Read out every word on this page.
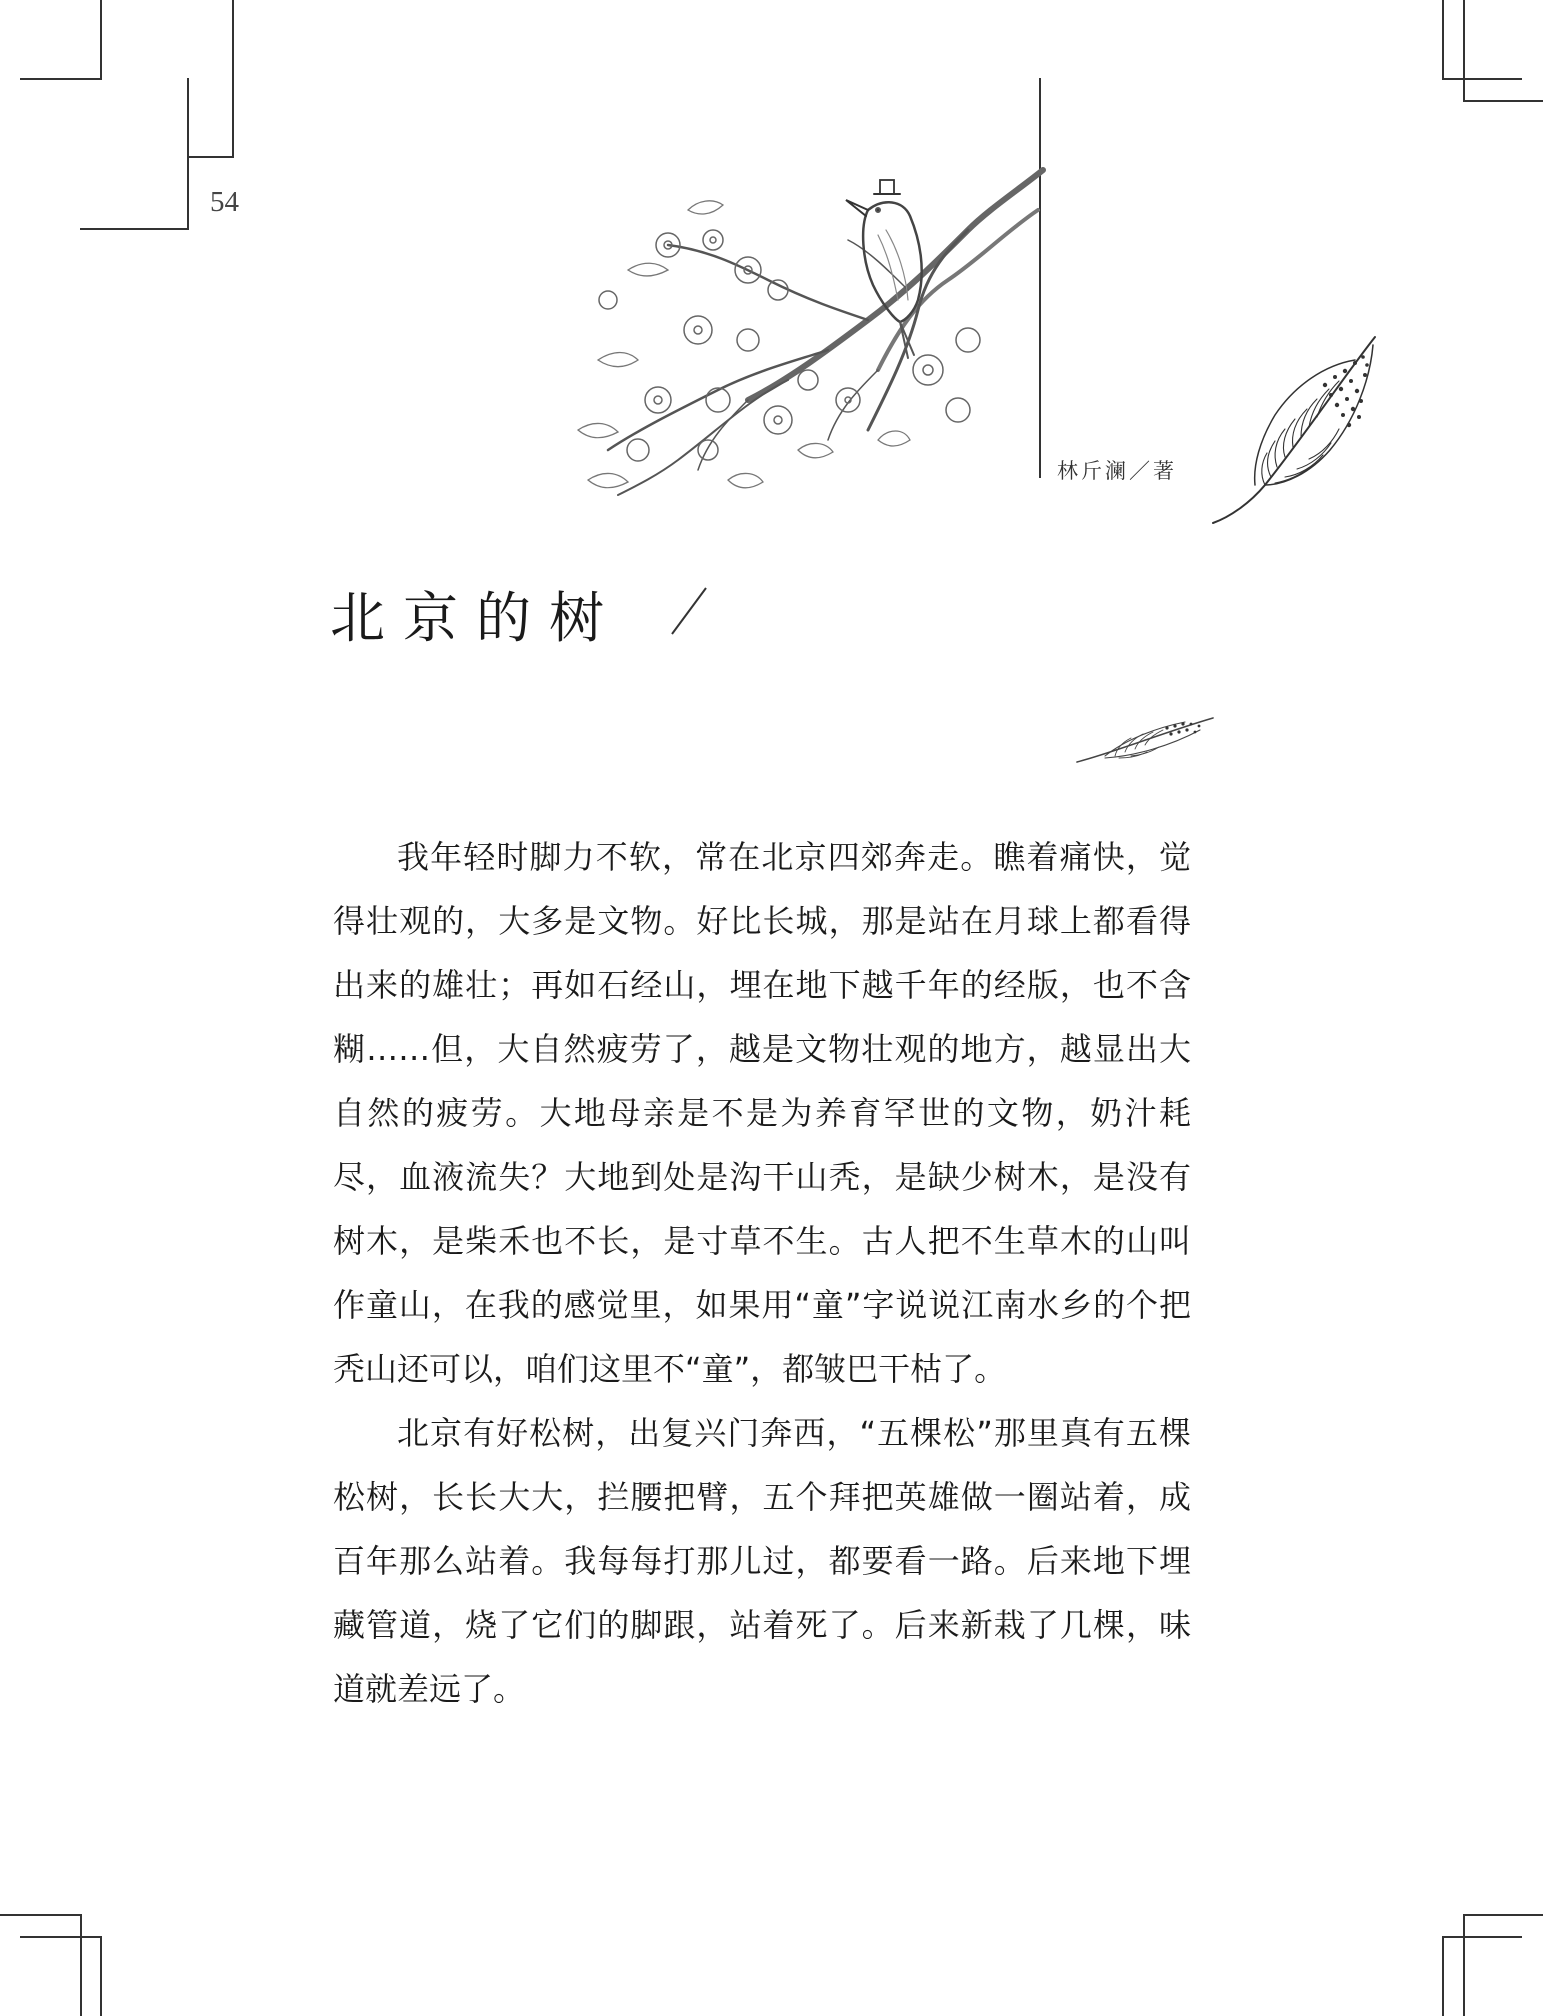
54
林斤澜／著
北京的树

我年轻时脚力不软，常在北京四郊奔走。瞧着痛快，觉得壮观的，大多是文物。好比长城，那是站在月球上都看得出来的雄壮；再如石经山，埋在地下越千年的经版，也不含糊……但，大自然疲劳了，越是文物壮观的地方，越显出大自然的疲劳。大地母亲是不是为养育罕世的文物，奶汁耗尽，血液流失？大地到处是沟干山秃，是缺少树木，是没有树木，是柴禾也不长，是寸草不生。古人把不生草木的山叫作童山，在我的感觉里，如果用“童”字说说江南水乡的个把秃山还可以，咱们这里不“童”，都皱巴干枯了。

北京有好松树，出复兴门奔西，“五棵松”那里真有五棵松树，长长大大，拦腰把臂，五个拜把英雄做一圈站着，成百年那么站着。我每每打那儿过，都要看一路。后来地下埋藏管道，烧了它们的脚跟，站着死了。后来新栽了几棵，味道就差远了。
